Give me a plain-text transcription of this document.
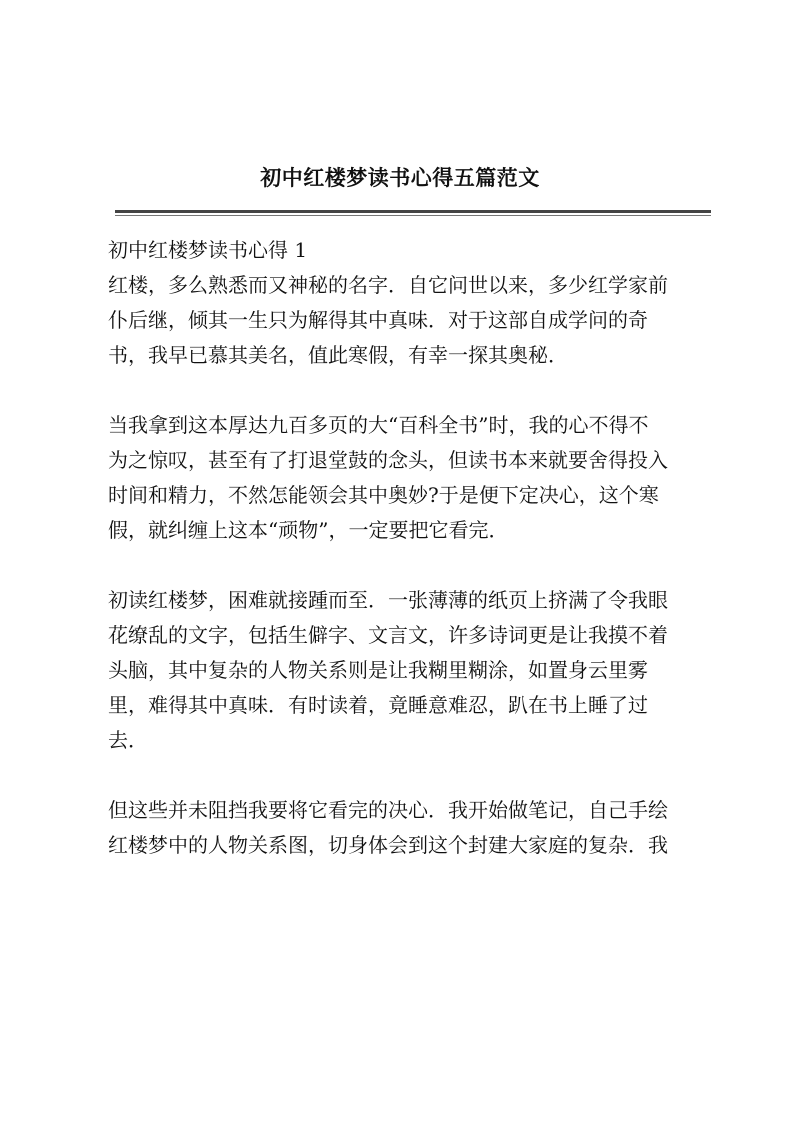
初中红楼梦读书心得五篇范文
初中红楼梦读书心得 1
红楼，多么熟悉而又神秘的名字．自它问世以来，多少红学家前
仆后继，倾其一生只为解得其中真味．对于这部自成学问的奇
书，我早已慕其美名，值此寒假，有幸一探其奥秘．
当我拿到这本厚达九百多页的大“百科全书”时，我的心不得不
为之惊叹，甚至有了打退堂鼓的念头，但读书本来就要舍得投入
时间和精力，不然怎能领会其中奥妙?于是便下定决心，这个寒
假，就纠缠上这本“顽物”，一定要把它看完．
初读红楼梦，困难就接踵而至．一张薄薄的纸页上挤满了令我眼
花缭乱的文字，包括生僻字、文言文，许多诗词更是让我摸不着
头脑，其中复杂的人物关系则是让我糊里糊涂，如置身云里雾
里，难得其中真味．有时读着，竟睡意难忍，趴在书上睡了过
去．
但这些并未阻挡我要将它看完的决心．我开始做笔记，自己手绘
红楼梦中的人物关系图，切身体会到这个封建大家庭的复杂．我
